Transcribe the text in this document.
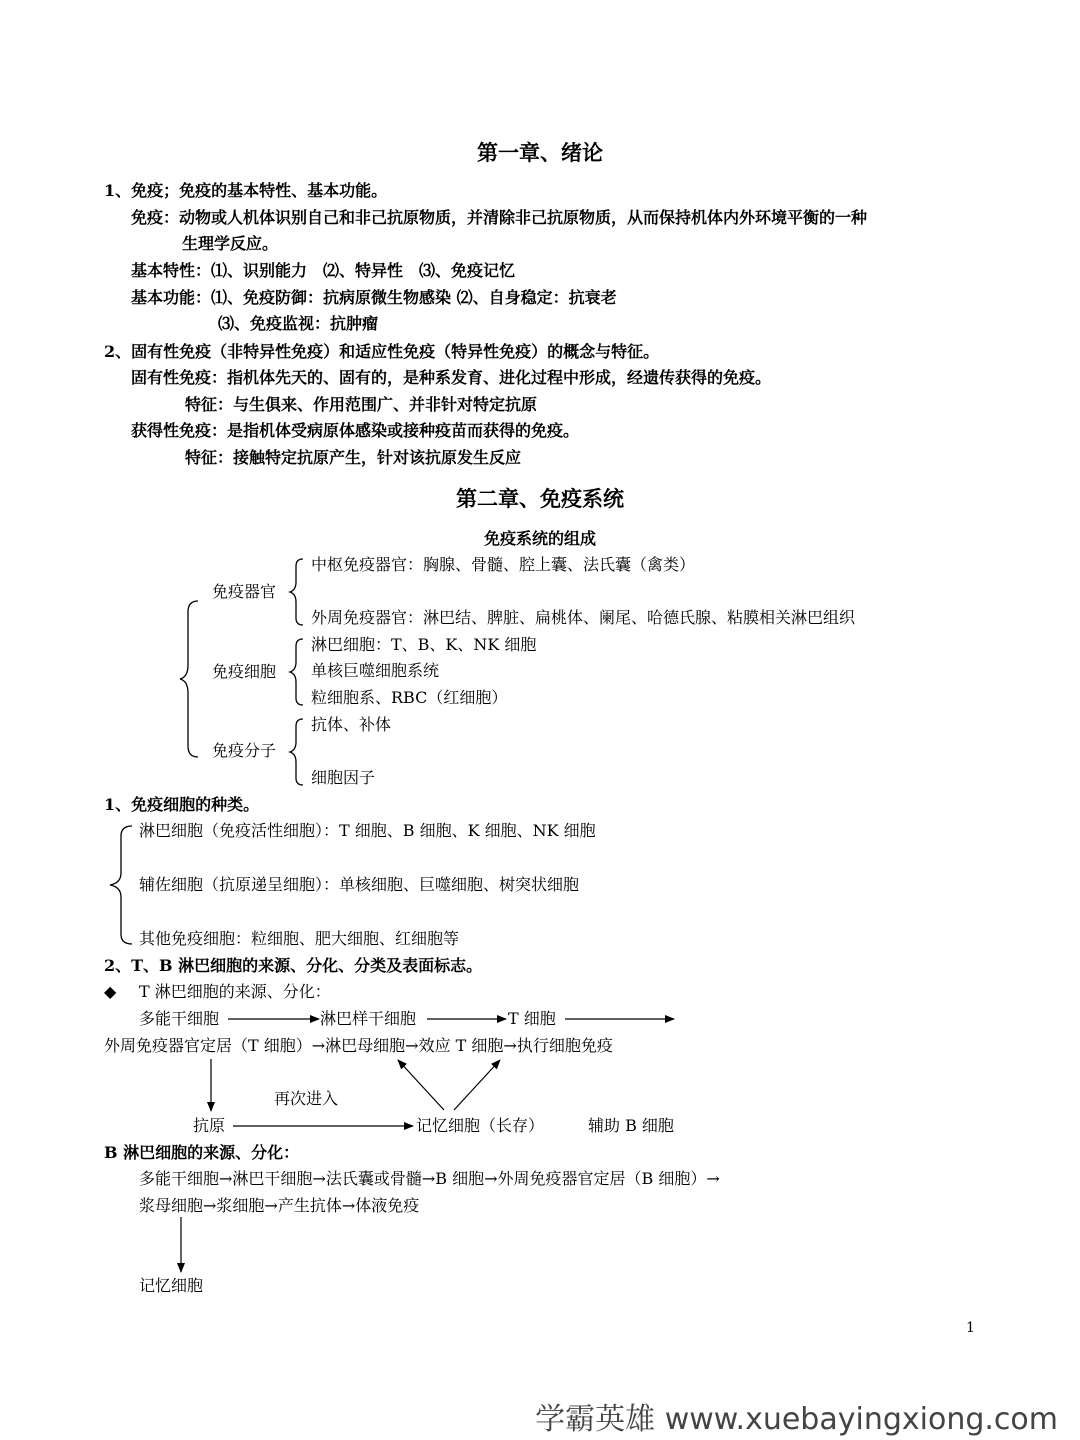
第一章、绪论
1、免疫；免疫的基本特性、基本功能。
免疫：动物或人机体识别自己和非己抗原物质，并清除非己抗原物质，从而保持机体内外环境平衡的一种
生理学反应。
基本特性：⑴、识别能力　⑵、特异性　⑶、免疫记忆
基本功能：⑴、免疫防御：抗病原微生物感染 ⑵、自身稳定：抗衰老
⑶、免疫监视：抗肿瘤
2、固有性免疫（非特异性免疫）和适应性免疫（特异性免疫）的概念与特征。
固有性免疫：指机体先天的、固有的，是种系发育、进化过程中形成，经遗传获得的免疫。
特征：与生俱来、作用范围广、并非针对特定抗原
获得性免疫：是指机体受病原体感染或接种疫苗而获得的免疫。
特征：接触特定抗原产生，针对该抗原发生反应
第二章、免疫系统
免疫系统的组成
免疫器官
中枢免疫器官：胸腺、骨髓、腔上囊、法氏囊（禽类）
外周免疫器官：淋巴结、脾脏、扁桃体、阑尾、哈德氏腺、粘膜相关淋巴组织
免疫细胞
淋巴细胞：T、B、K、NK 细胞
单核巨噬细胞系统
粒细胞系、RBC（红细胞）
免疫分子
抗体、补体
细胞因子
1、免疫细胞的种类。
淋巴细胞（免疫活性细胞）：T 细胞、B 细胞、K 细胞、NK 细胞
辅佐细胞（抗原递呈细胞）：单核细胞、巨噬细胞、树突状细胞
其他免疫细胞：粒细胞、肥大细胞、红细胞等
2、T、B 淋巴细胞的来源、分化、分类及表面标志。
◆ T 淋巴细胞的来源、分化：
多能干细胞	淋巴样干细胞	T 细胞
外周免疫器官定居（T 细胞）→淋巴母细胞→效应 T 细胞→执行细胞免疫
再次进入
抗原	记忆细胞（长存）	辅助 B 细胞
B 淋巴细胞的来源、分化：
多能干细胞→淋巴干细胞→法氏囊或骨髓→B 细胞→外周免疫器官定居（B 细胞）→
浆母细胞→浆细胞→产生抗体→体液免疫
记忆细胞
1
学霸英雄 www.xuebayingxiong.com
